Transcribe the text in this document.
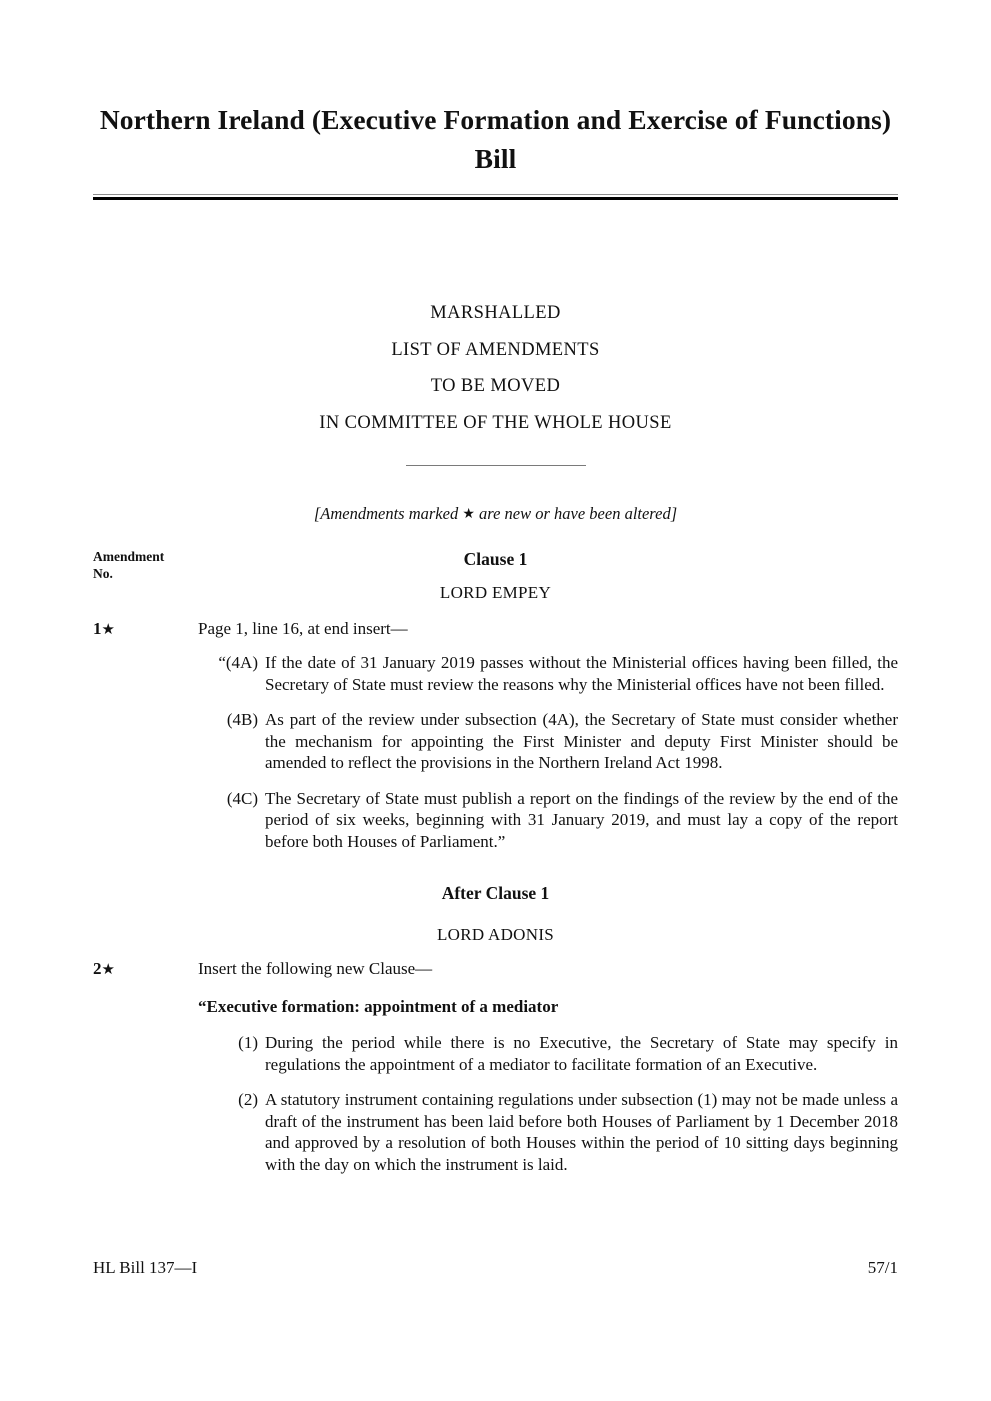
Northern Ireland (Executive Formation and Exercise of Functions) Bill
MARSHALLED
LIST OF AMENDMENTS
TO BE MOVED
IN COMMITTEE OF THE WHOLE HOUSE
[Amendments marked ★ are new or have been altered]
Amendment
No.
Clause 1
LORD EMPEY
1★	Page 1, line 16, at end insert—
“(4A) If the date of 31 January 2019 passes without the Ministerial offices having been filled, the Secretary of State must review the reasons why the Ministerial offices have not been filled.
(4B) As part of the review under subsection (4A), the Secretary of State must consider whether the mechanism for appointing the First Minister and deputy First Minister should be amended to reflect the provisions in the Northern Ireland Act 1998.
(4C) The Secretary of State must publish a report on the findings of the review by the end of the period of six weeks, beginning with 31 January 2019, and must lay a copy of the report before both Houses of Parliament.”
After Clause 1
LORD ADONIS
2★	Insert the following new Clause—
“Executive formation: appointment of a mediator
(1) During the period while there is no Executive, the Secretary of State may specify in regulations the appointment of a mediator to facilitate formation of an Executive.
(2) A statutory instrument containing regulations under subsection (1) may not be made unless a draft of the instrument has been laid before both Houses of Parliament by 1 December 2018 and approved by a resolution of both Houses within the period of 10 sitting days beginning with the day on which the instrument is laid.
HL Bill 137—I	57/1
